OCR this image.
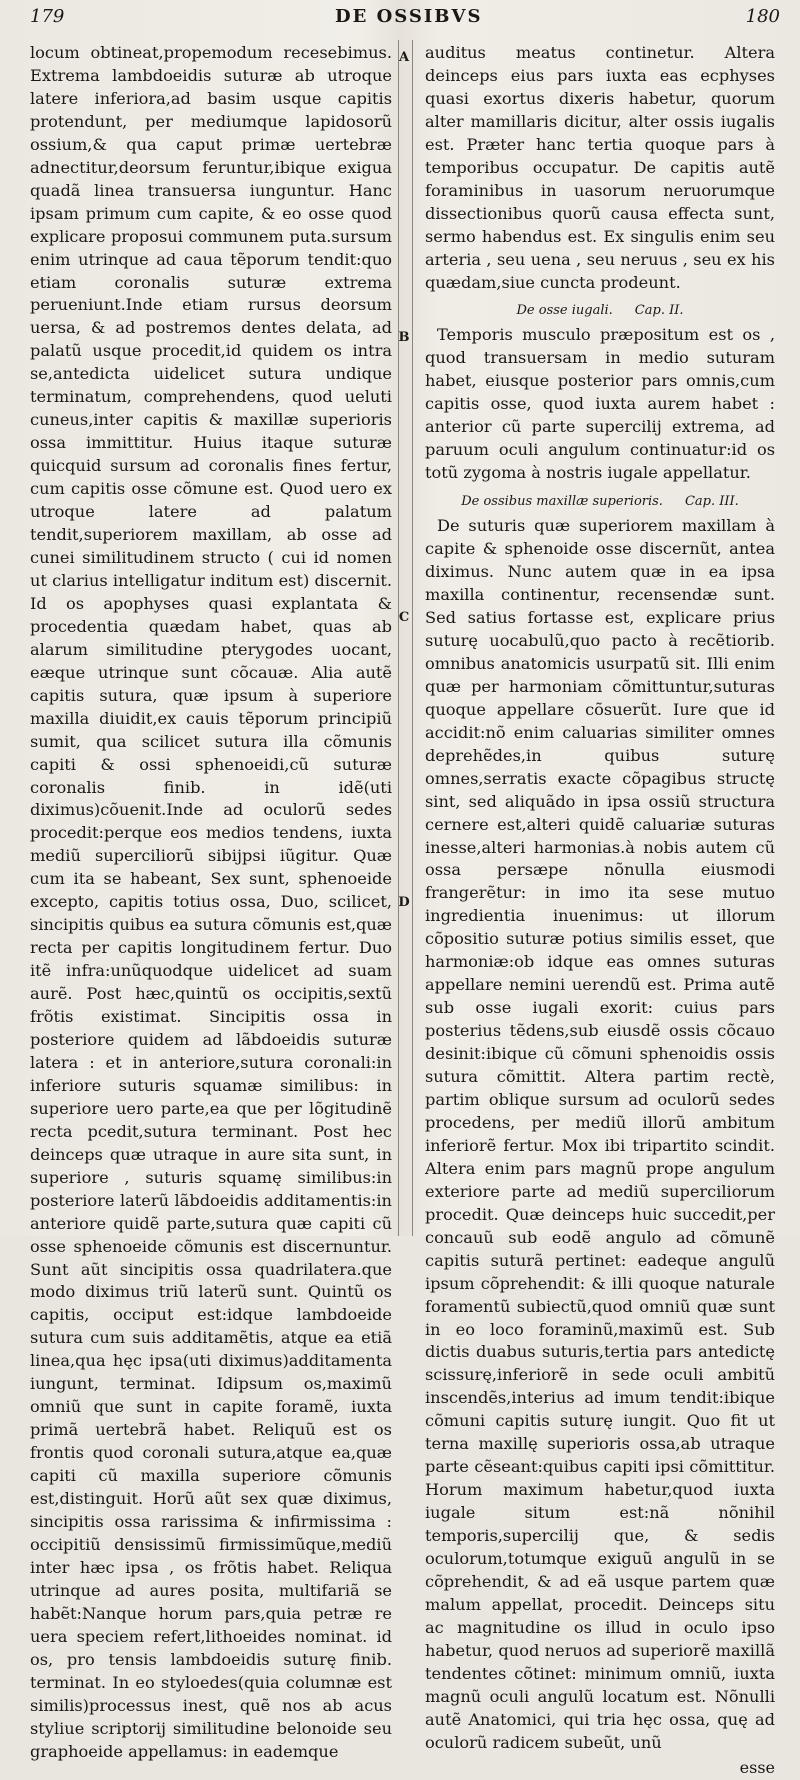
179	DE OSSIBVS	180
A
B
C
D

locum obtineat,propemodum recesebimus. Extrema lambdoeidis suturæ ab utroque latere inferiora,ad basim usque capitis protendunt, per mediumque lapidosorũ ossium,& qua caput primæ uertebræ adnectitur,deorsum feruntur,ibique exigua quadã linea transuersa iunguntur. Hanc ipsam primum cum capite, & eo osse quod explicare proposui communem puta.sursum enim utrinque ad caua tẽporum tendit:quo etiam coronalis suturæ extrema perueniunt.Inde etiam rursus deorsum uersa, & ad postremos dentes delata, ad palatũ usque procedit,id quidem os intra se,antedicta uidelicet sutura undique terminatum, comprehendens, quod ueluti cuneus,inter capitis & maxillæ superioris ossa immittitur. Huius itaque suturæ quicquid sursum ad coronalis fines fertur, cum capitis osse cõmune est. Quod uero ex utroque latere ad palatum tendit,superiorem maxillam, ab osse ad cunei similitudinem structo ( cui id nomen ut clarius intelligatur inditum est) discernit. Id os apophyses quasi explantata & procedentia quædam habet, quas ab alarum similitudine pterygodes uocant, eæque utrinque sunt cõcauæ. Alia autẽ capitis sutura, quæ ipsum à superiore maxilla diuidit,ex cauis tẽporum principiũ sumit, qua scilicet sutura illa cõmunis capiti & ossi sphenoeidi,cũ suturæ coronalis finib. in idẽ(uti diximus)cõuenit.Inde ad oculorũ sedes procedit:perque eos medios tendens, iuxta mediũ superciliorũ sibijpsi iũgitur. Quæ cum ita se habeant, Sex sunt, sphenoeide excepto, capitis totius ossa, Duo, scilicet, sincipitis quibus ea sutura cõmunis est,quæ recta per capitis longitudinem fertur. Duo itẽ infra:unũquodque uidelicet ad suam aurẽ. Post hæc,quintũ os occipitis,sextũ frõtis existimat. Sincipitis ossa in posteriore quidem ad lãbdoeidis suturæ latera : et in anteriore,sutura coronali:in inferiore suturis squamæ similibus: in superiore uero parte,ea que per lõgitudinẽ recta pcedit,sutura terminant. Post hec deinceps quæ utraque in aure sita sunt, in superiore , suturis squamę similibus:in posteriore laterũ lãbdoeidis additamentis:in anteriore quidẽ parte,sutura quæ capiti cũ osse sphenoeide cõmunis est discernuntur. Sunt aũt sincipitis ossa quadrilatera.que modo diximus triũ laterũ sunt. Quintũ os capitis, occiput est:idque lambdoeide sutura cum suis additamẽtis, atque ea etiã linea,qua hęc ipsa(uti diximus)additamenta iungunt, terminat. Idipsum os,maximũ omniũ que sunt in capite foramẽ, iuxta primã uertebrã habet. Reliquũ est os frontis quod coronali sutura,atque ea,quæ capiti cũ maxilla superiore cõmunis est,distinguit. Horũ aũt sex quæ diximus, sincipitis ossa rarissima & infirmissima : occipitiũ densissimũ firmissimũque,mediũ inter hæc ipsa , os frõtis habet. Reliqua utrinque ad aures posita, multifariã se habẽt:Nanque horum pars,quia petræ re uera speciem refert,lithoeides nominat. id os, pro tensis lambdoeidis suturę finib. terminat. In eo styloedes(quia columnæ est similis)processus inest, quẽ nos ab acus styliue scriptorij similitudine belonoide seu graphoeide appellamus: in eademque

auditus meatus continetur. Altera deinceps eius pars iuxta eas ecphyses quasi exortus dixeris habetur, quorum alter mamillaris dicitur, alter ossis iugalis est. Præter hanc tertia quoque pars à temporibus occupatur. De capitis autẽ foraminibus in uasorum neruorumque dissectionibus quorũ causa effecta sunt, sermo habendus est. Ex singulis enim seu arteria , seu uena , seu neruus , seu ex his quædam,siue cuncta prodeunt.

De osse iugali. Cap. II.

Temporis musculo præpositum est os , quod transuersam in medio suturam habet, eiusque posterior pars omnis,cum capitis osse, quod iuxta aurem habet : anterior cũ parte supercilij extrema, ad paruum oculi angulum continuatur:id os totũ zygoma à nostris iugale appellatur.

De ossibus maxillæ superioris. Cap. III.

De suturis quæ superiorem maxillam à capite & sphenoide osse discernũt, antea diximus. Nunc autem quæ in ea ipsa maxilla continentur, recensendæ sunt. Sed satius fortasse est, explicare prius suturę uocabulũ,quo pacto à recẽtiorib. omnibus anatomicis usurpatũ sit. Illi enim quæ per harmoniam cõmittuntur,suturas quoque appellare cõsuerũt. Iure que id accidit:nõ enim caluarias similiter omnes deprehẽdes,in quibus suturę omnes,serratis exacte cõpagibus structę sint, sed aliquãdo in ipsa ossiũ structura cernere est,alteri quidẽ caluariæ suturas inesse,alteri harmonias.à nobis autem cũ ossa persæpe nõnulla eiusmodi frangerẽtur: in imo ita sese mutuo ingredientia inuenimus: ut illorum cõpositio suturæ potius similis esset, que harmoniæ:ob idque eas omnes suturas appellare nemini uerendũ est. Prima autẽ sub osse iugali exorit: cuius pars posterius tẽdens,sub eiusdẽ ossis cõcauo desinit:ibique cũ cõmuni sphenoidis ossis sutura cõmittit. Altera partim rectè, partim oblique sursum ad oculorũ sedes procedens, per mediũ illorũ ambitum inferiorẽ fertur. Mox ibi tripartito scindit. Altera enim pars magnũ prope angulum exteriore parte ad mediũ superciliorum procedit. Quæ deinceps huic succedit,per concauũ sub eodẽ angulo ad cõmunẽ capitis suturã pertinet: eadeque angulũ ipsum cõprehendit: & illi quoque naturale foramentũ subiectũ,quod omniũ quæ sunt in eo loco foraminũ,maximũ est. Sub dictis duabus suturis,tertia pars antedictę scissurę,inferiorẽ in sede oculi ambitũ inscendẽs,interius ad imum tendit:ibique cõmuni capitis suturę iungit. Quo fit ut terna maxillę superioris ossa,ab utraque parte cẽseant:quibus capiti ipsi cõmittitur. Horum maximum habetur,quod iuxta iugale situm est:nã nõnihil temporis,supercilij que, & sedis oculorum,totumque exiguũ angulũ in se cõprehendit, & ad eã usque partem quæ malum appellat, procedit. Deinceps situ ac magnitudine os illud in oculo ipso habetur, quod neruos ad superiorẽ maxillã tendentes cõtinet: minimum omniũ, iuxta magnũ oculi angulũ locatum est. Nõnulli autẽ Anatomici, qui tria hęc ossa, quę ad oculorũ radicem subeũt, unũ

esse
